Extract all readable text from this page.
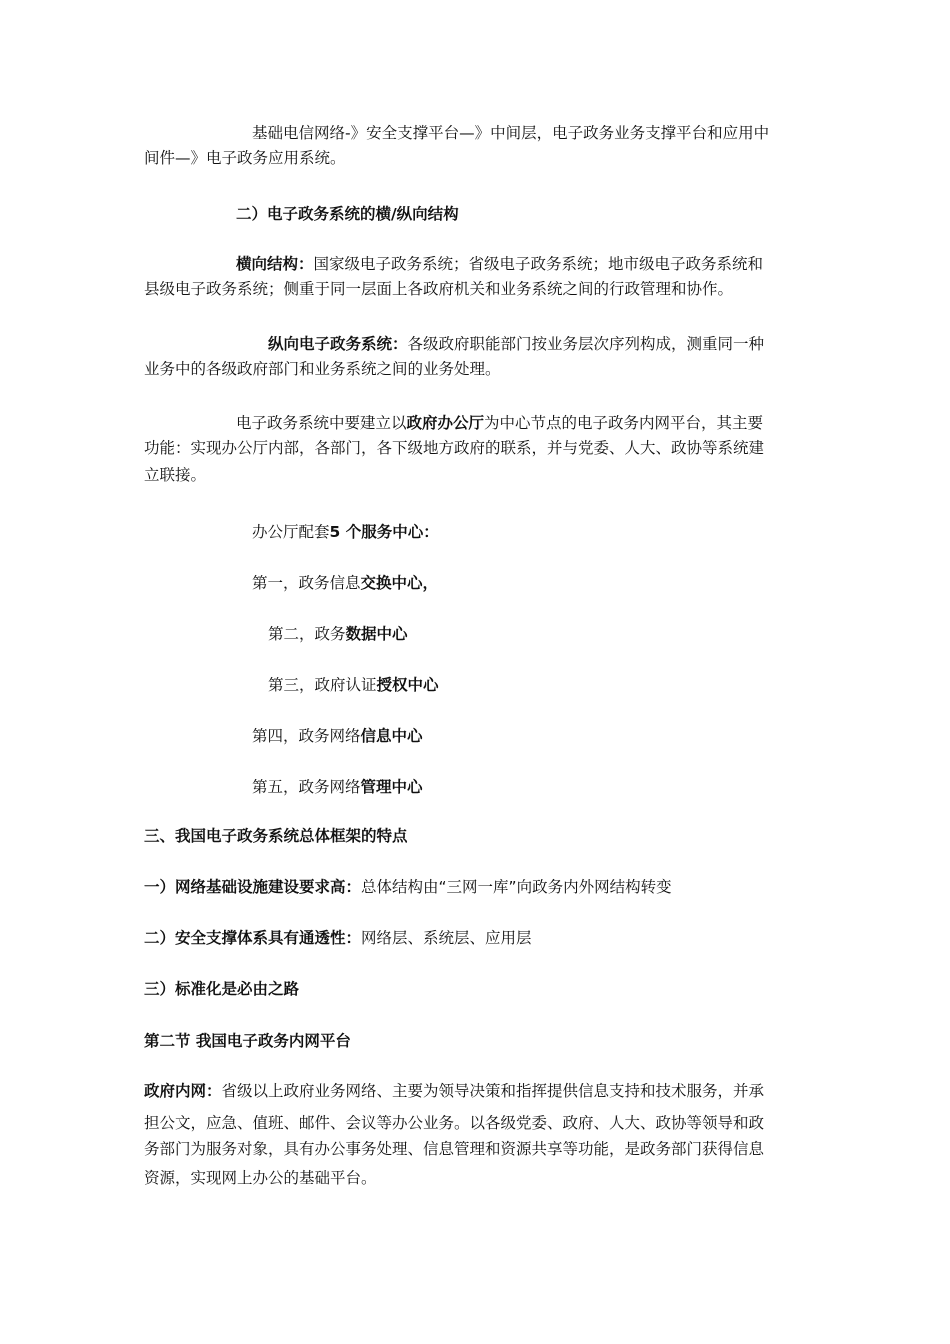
基础电信网络-》安全支撑平台—》中间层，电子政务业务支撑平台和应用中
间件—》电子政务应用系统。
二）电子政务系统的横/纵向结构
横向结构：国家级电子政务系统；省级电子政务系统；地市级电子政务系统和
县级电子政务系统；侧重于同一层面上各政府机关和业务系统之间的行政管理和协作。
纵向电子政务系统：各级政府职能部门按业务层次序列构成，测重同一种
业务中的各级政府部门和业务系统之间的业务处理。
电子政务系统中要建立以政府办公厅为中心节点的电子政务内网平台，其主要
功能：实现办公厅内部，各部门，各下级地方政府的联系，并与党委、人大、政协等系统建
立联接。
办公厅配套5 个服务中心：
第一，政务信息交换中心，
第二，政务数据中心
第三，政府认证授权中心
第四，政务网络信息中心
第五，政务网络管理中心
三、我国电子政务系统总体框架的特点
一）网络基础设施建设要求高：总体结构由“三网一库”向政务内外网结构转变
二）安全支撑体系具有通透性：网络层、系统层、应用层
三）标准化是必由之路
第二节 我国电子政务内网平台
政府内网：省级以上政府业务网络、主要为领导决策和指挥提供信息支持和技术服务，并承
担公文，应急、值班、邮件、会议等办公业务。以各级党委、政府、人大、政协等领导和政
务部门为服务对象，具有办公事务处理、信息管理和资源共享等功能，是政务部门获得信息
资源，实现网上办公的基础平台。
